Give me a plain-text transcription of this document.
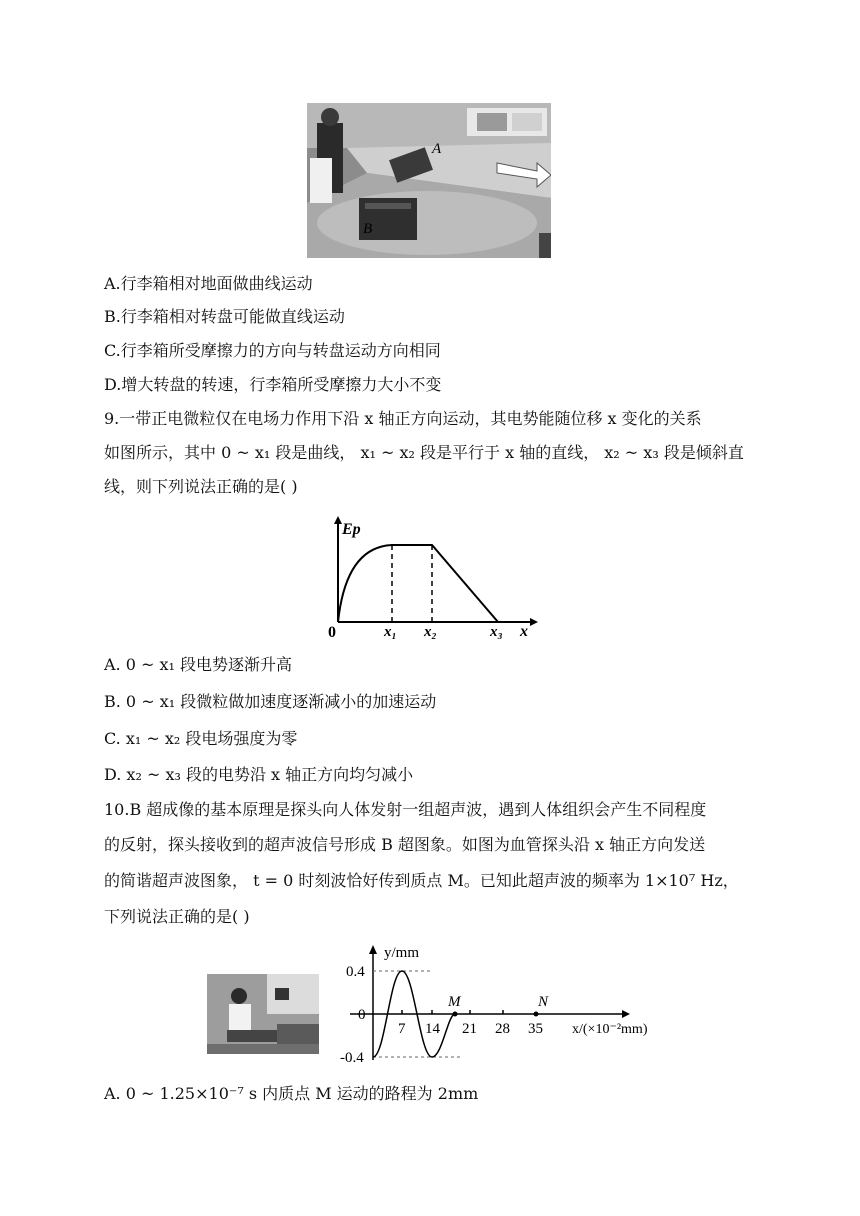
A
B
A.行李箱相对地面做曲线运动
B.行李箱相对转盘可能做直线运动
C.行李箱所受摩擦力的方向与转盘运动方向相同
D.增大转盘的转速，行李箱所受摩擦力大小不变
9.一带正电微粒仅在电场力作用下沿 x 轴正方向运动，其电势能随位移 x 变化的关系
如图所示，其中 0 ~ x₁ 段是曲线， x₁ ~ x₂ 段是平行于 x 轴的直线， x₂ ~ x₃ 段是倾斜直
线，则下列说法正确的是( )
Ep
0	x₁ x₂	x₃ x
A. 0 ~ x₁ 段电势逐渐升高
B. 0 ~ x₁ 段微粒做加速度逐渐减小的加速运动
C. x₁ ~ x₂ 段电场强度为零
D. x₂ ~ x₃ 段的电势沿 x 轴正方向均匀减小
10.B 超成像的基本原理是探头向人体发射一组超声波，遇到人体组织会产生不同程度
的反射，探头接收到的超声波信号形成 B 超图象。如图为血管探头沿 x 轴正方向发送
的简谐超声波图象， t = 0 时刻波恰好传到质点 M。已知此超声波的频率为 1×10⁷ Hz，
下列说法正确的是( )
y/mm
0.4
0
-0.4
7 14 21 28 35
M	N
x/(×10⁻²mm)
A. 0 ~ 1.25×10⁻⁷ s 内质点 M 运动的路程为 2mm
